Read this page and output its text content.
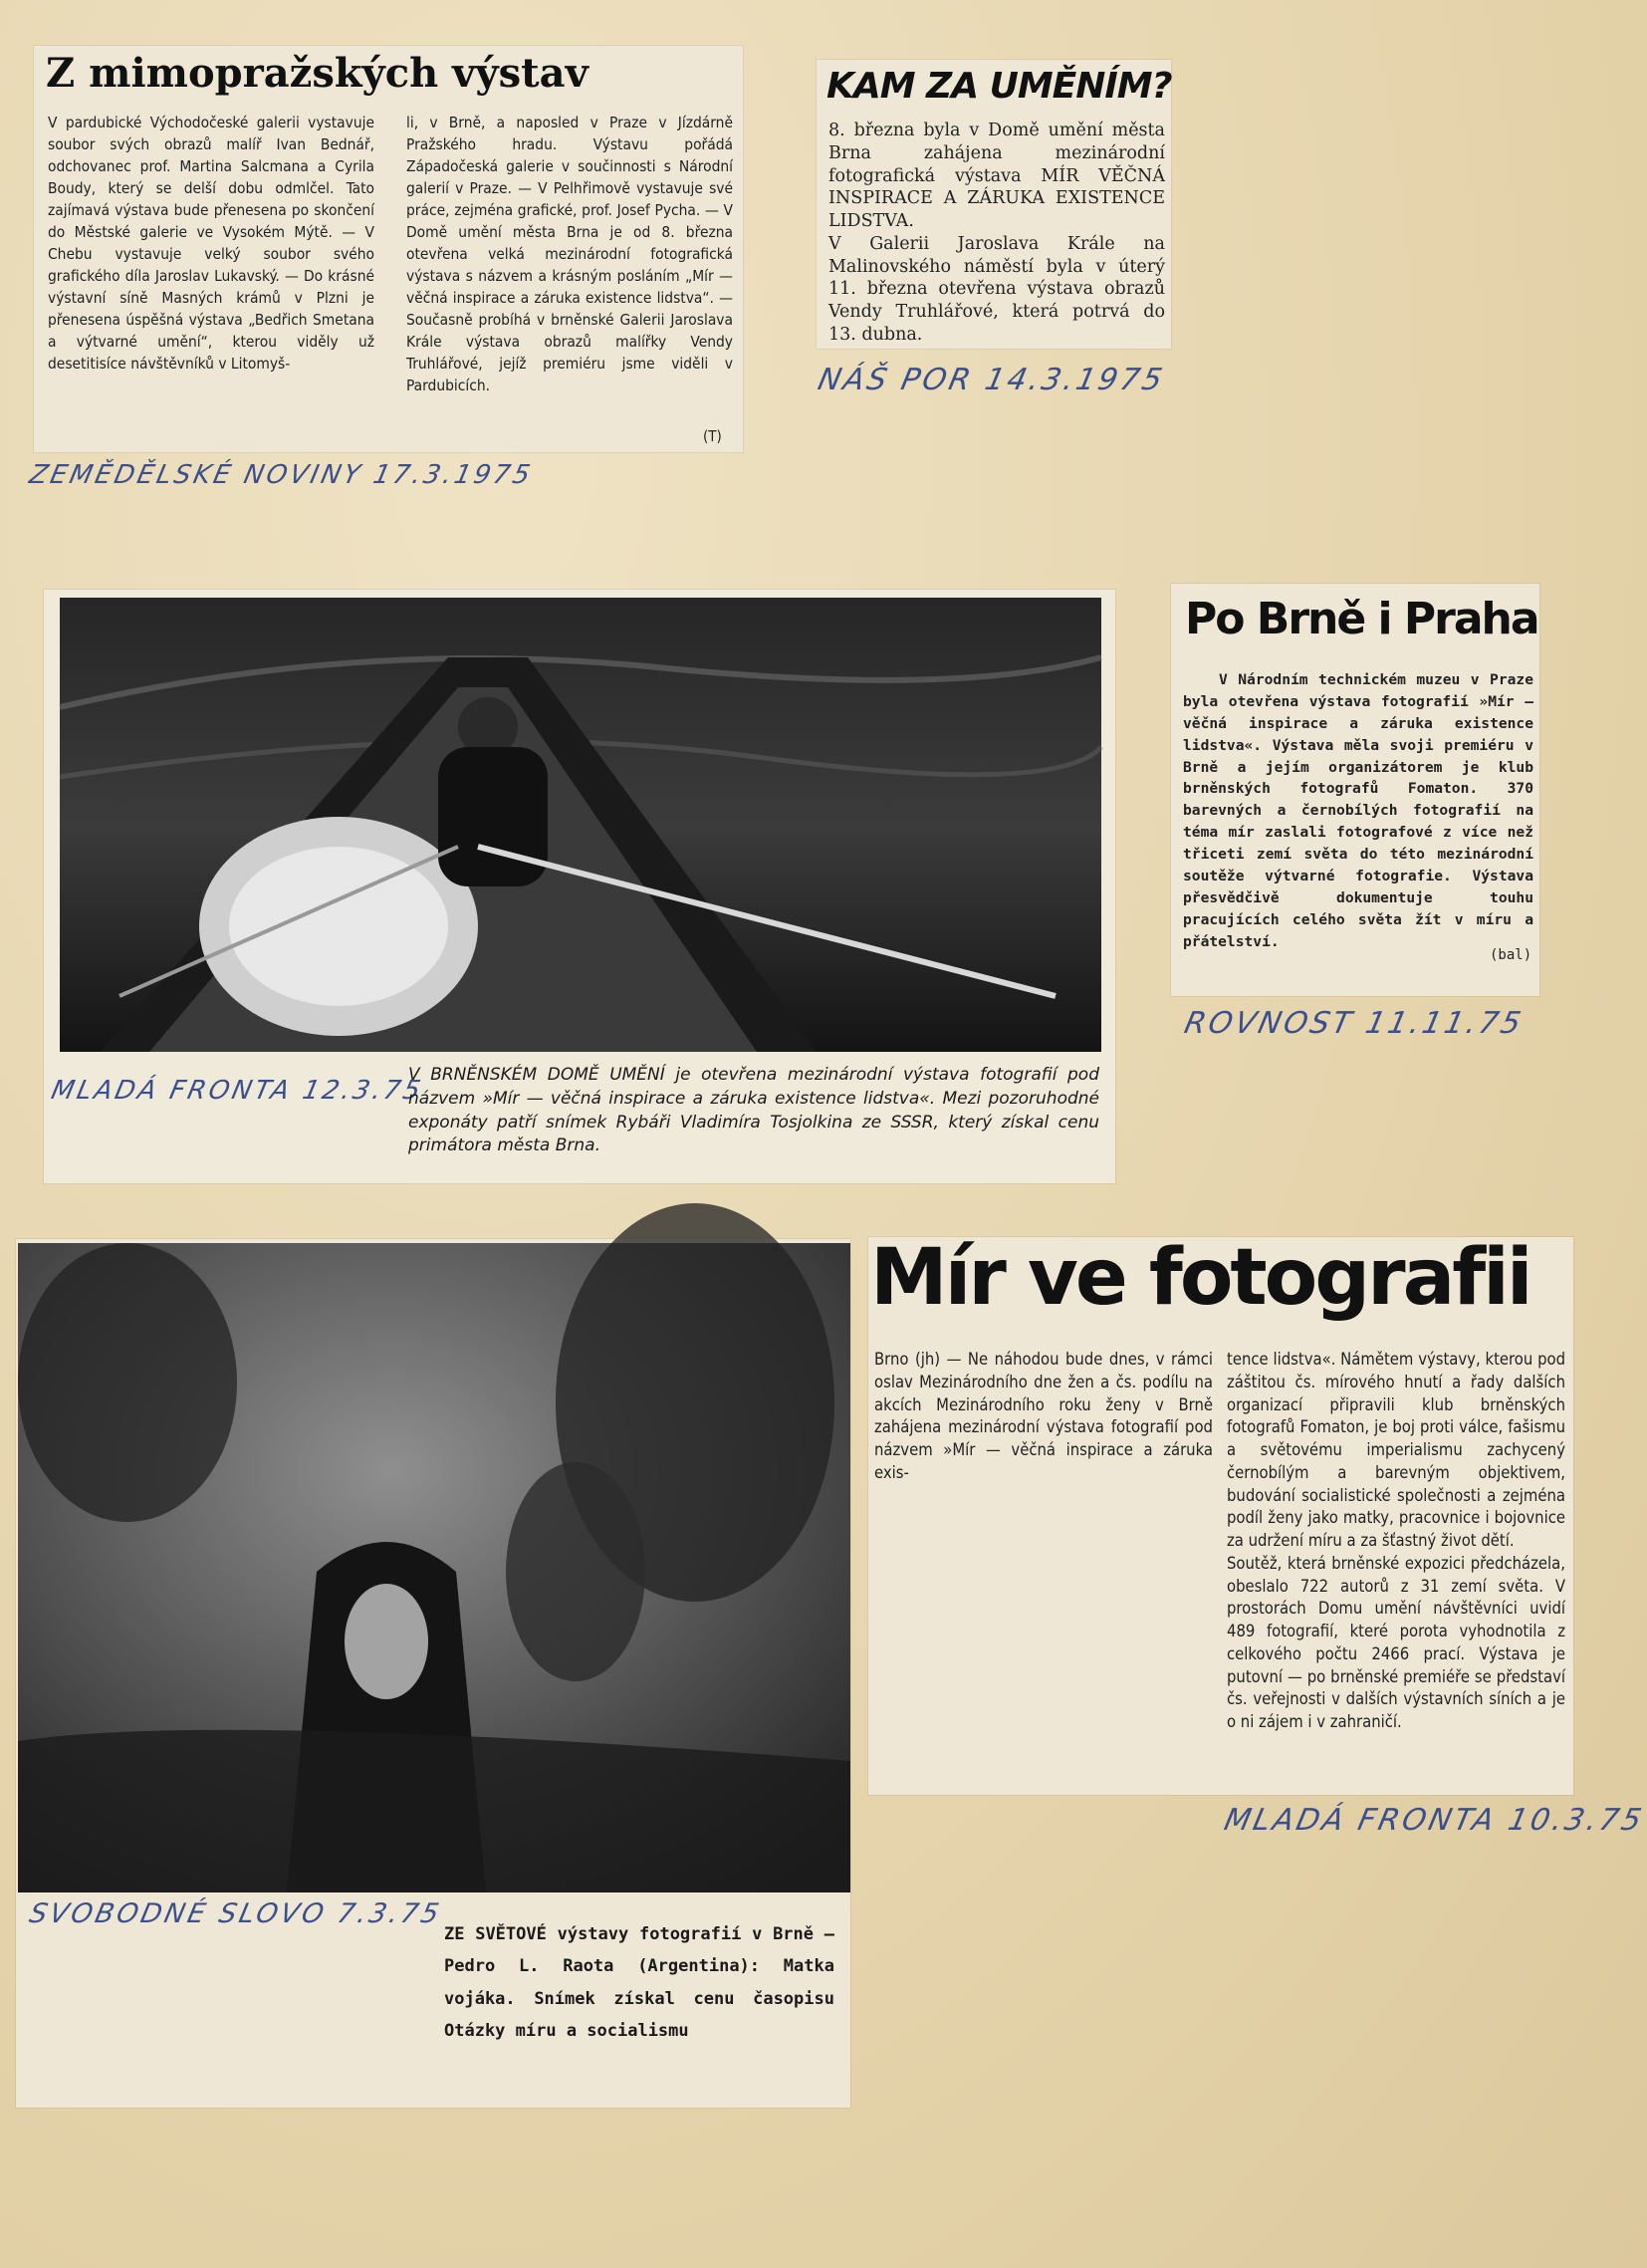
Z mimopražských výstav
V pardubické Východočeské galerii vystavuje soubor svých obrazů malíř Ivan Bednář, odchovanec prof. Martina Salcmana a Cyrila Boudy, který se delší dobu odmlčel. Tato zajímavá výstava bude přenesena po skončení do Městské galerie ve Vysokém Mýtě. — V Chebu vystavuje velký soubor svého grafického díla Jaroslav Lukavský. — Do krásné výstavní síně Masných krámů v Plzni je přenesena úspěšná výstava „Bedřich Smetana a výtvarné umění“, kterou viděly už desetitisíce návštěvníků v Litomyš-
li, v Brně, a naposled v Praze v Jízdárně Pražského hradu. Výstavu pořádá Západočeská galerie v součinnosti s Národní galerií v Praze. — V Pelhřimově vystavuje své práce, zejména grafické, prof. Josef Pycha. — V Domě umění města Brna je od 8. března otevřena velká mezinárodní fotografická výstava s názvem a krásným posláním „Mír — věčná inspirace a záruka existence lidstva“. — Současně probíhá v brněnské Galerii Jaroslava Krále výstava obrazů malířky Vendy Truhlářové, jejíž premiéru jsme viděli v Pardubicích.
(T)
ZEMĚDĚLSKÉ NOVINY 17.3.1975
KAM ZA UMĚNÍM?
8. března byla v Domě umění města Brna zahájena mezinárodní fotografická výstava MÍR VĚČNÁ INSPIRACE A ZÁRUKA EXISTENCE LIDSTVA.
V Galerii Jaroslava Krále na Malinovského náměstí byla v úterý 11. března otevřena výstava obrazů Vendy Truhlářové, která potrvá do 13. dubna.
NÁŠ POR 14.3.1975
MLADÁ FRONTA 12.3.75
V BRNĚNSKÉM DOMĚ UMĚNÍ je otevřena mezinárodní výstava fotografií pod názvem »Mír — věčná inspirace a záruka existence lidstva«. Mezi pozoruhodné exponáty patří snímek Rybáři Vladimíra Tosjolkina ze SSSR, který získal cenu primátora města Brna.
Po Brně i Praha
V Národním technickém muzeu v Praze byla otevřena výstava fotografií »Mír — věčná inspirace a záruka existence lidstva«. Výstava měla svoji premiéru v Brně a jejím organizátorem je klub brněnských fotografů Fomaton. 370 barevných a černobílých fotografií na téma mír zaslali fotografové z více než třiceti zemí světa do této mezinárodní soutěže výtvarné fotografie. Výstava přesvědčivě dokumentuje touhu pracujících celého světa žít v míru a přátelství.
(bal)
ROVNOST 11.11.75
SVOBODNÉ SLOVO 7.3.75
ZE SVĚTOVÉ výstavy fotografií v Brně — Pedro L. Raota (Argentina): Matka vojáka. Snímek získal cenu časopisu Otázky míru a socialismu
Mír ve fotografii
Brno (jh) — Ne náhodou bude dnes, v rámci oslav Mezinárodního dne žen a čs. podílu na akcích Mezinárodního roku ženy v Brně zahájena mezinárodní výstava fotografií pod názvem »Mír — věčná inspirace a záruka exis-
tence lidstva«. Námětem výstavy, kterou pod záštitou čs. mírového hnutí a řady dalších organizací připravili klub brněnských fotografů Fomaton, je boj proti válce, fašismu a světovému imperialismu zachycený černobílým a barevným objektivem, budování socialistické společnosti a zejména podíl ženy jako matky, pracovnice i bojovnice za udržení míru a za šťastný život dětí.
Soutěž, která brněnské expozici předcházela, obeslalo 722 autorů z 31 zemí světa. V prostorách Domu umění návštěvníci uvidí 489 fotografií, které porota vyhodnotila z celkového počtu 2466 prací. Výstava je putovní — po brněnské premiéře se představí čs. veřejnosti v dalších výstavních síních a je o ni zájem i v zahraničí.
MLADÁ FRONTA 10.3.75
